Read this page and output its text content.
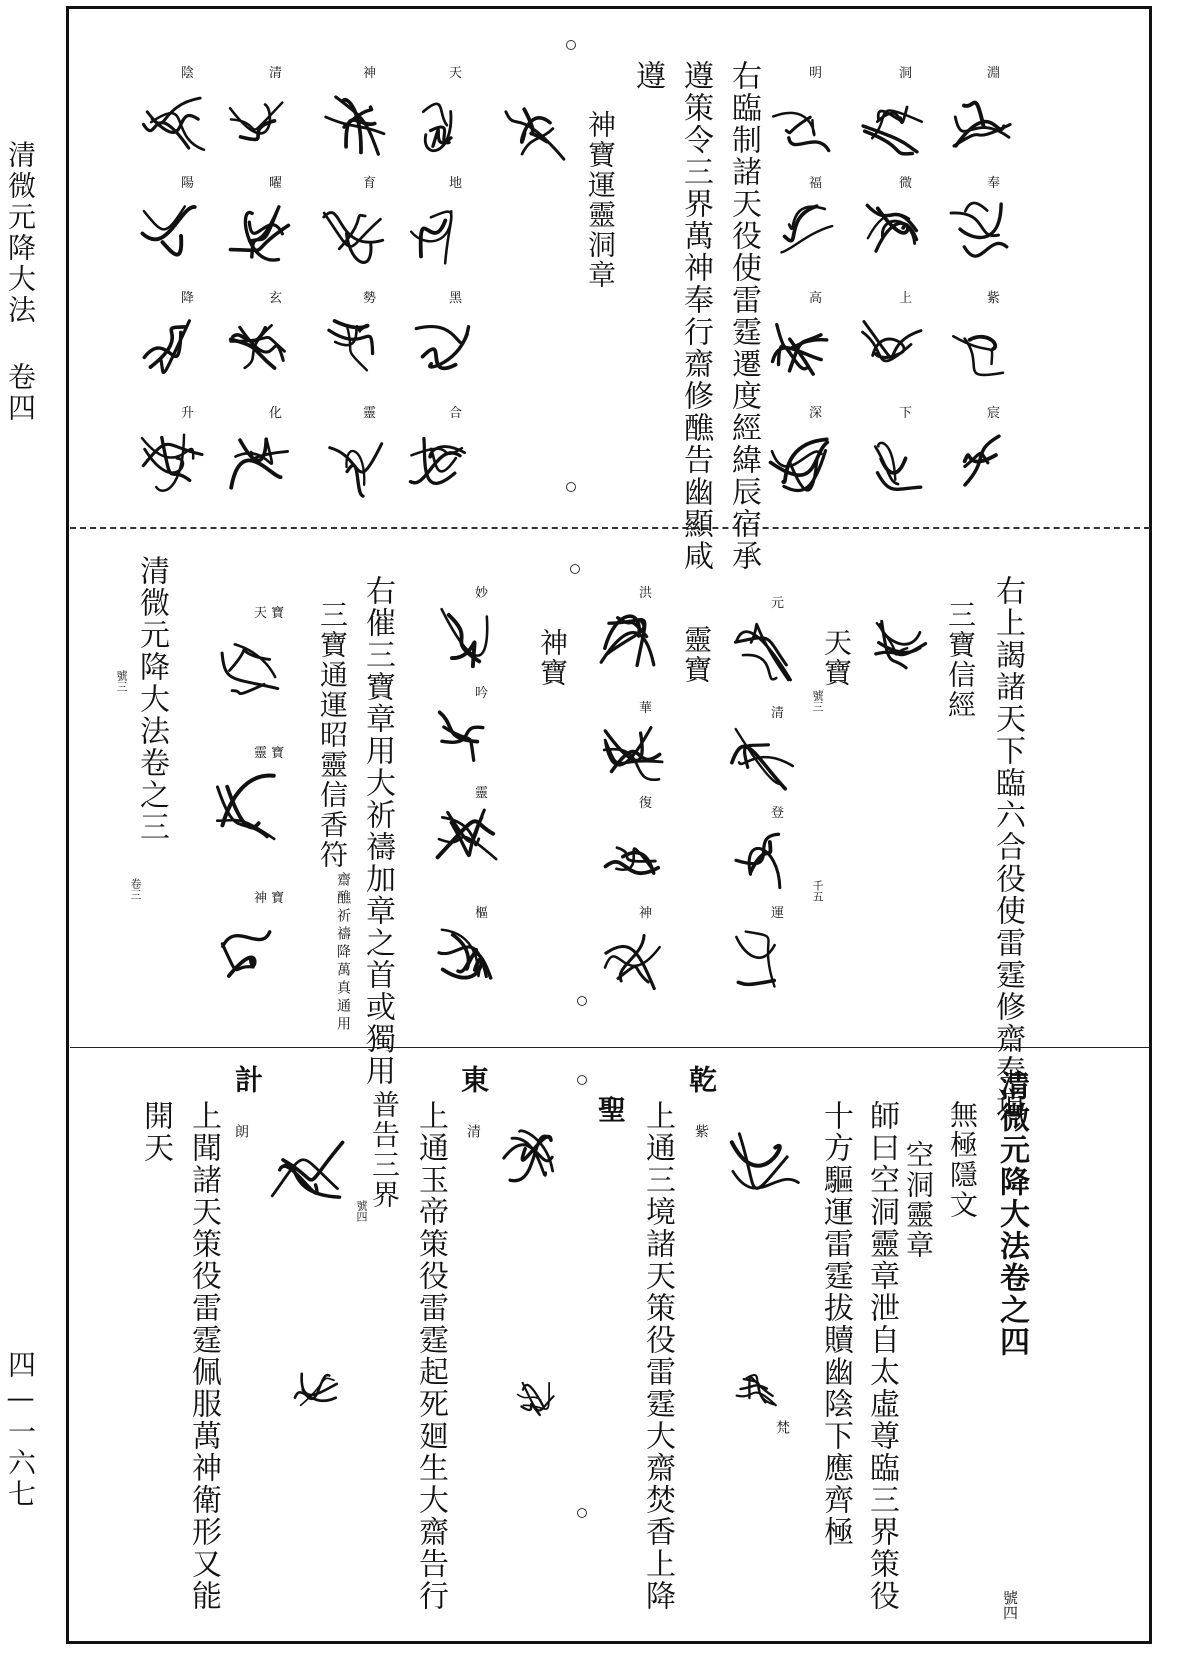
清微元降大法 卷四
四—一六七
右臨制諸天役使雷霆遷度經緯辰宿承
遵策令三界萬神奉行齋修醮告幽顯咸
遵
神寶運靈洞章
淵
奉
紫
宸
洞
微
上
下
明
福
高
深
天
地
黑
合
神
育
勢
靈
清
曜
玄
化
陰
陽
降
升
右上謁諸天下臨六合役使雷霆修齋奉道
三寶信經
天寶
號三
千五
靈寶
神寶
右催三寶章用大祈禱加章之首或獨用
三寶通運昭靈信香符
齋醮祈禱降萬真通用
清微元降大法卷之三
號三
卷三
元
清
登
運
洪
華
復
神
妙
吟
靈
樞
天 寶
靈 寶
神 寶
清微元降大法卷之四
號四
無極隱文
空洞靈章
師曰空洞靈章泄自太虛尊臨三界策役
十方驅運雷霆拔贖幽陰下應齊極
乾
紫
梵
聖 上通三境諸天策役雷霆大齋焚香上降
東
清
上通玉帝策役雷霆起死廻生大齋告行
普告三界
計
朗
號四
上聞諸天策役雷霆佩服萬神衛形又能
開天
